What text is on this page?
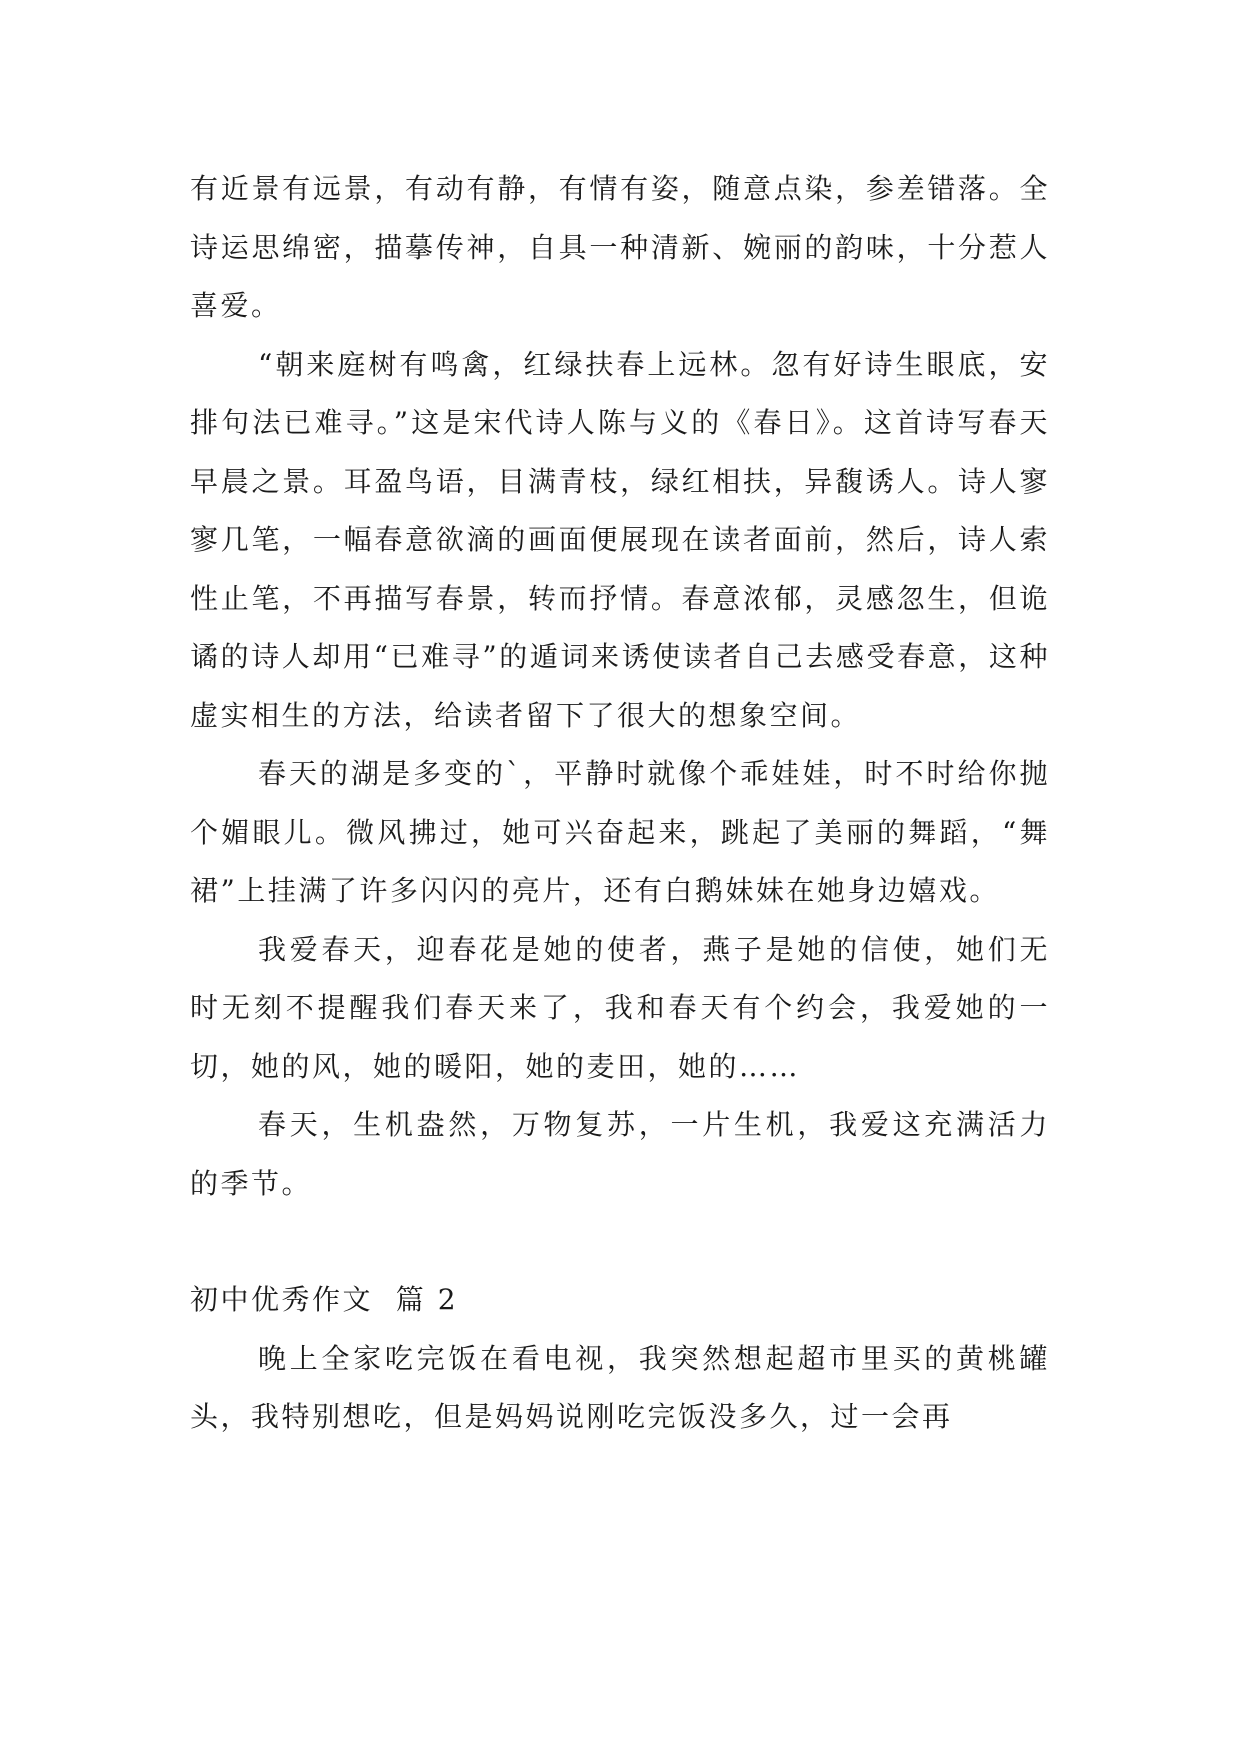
有近景有远景，有动有静，有情有姿，随意点染，参差错落。全诗运思绵密，描摹传神，自具一种清新、婉丽的韵味，十分惹人喜爱。

“朝来庭树有鸣禽，红绿扶春上远林。忽有好诗生眼底，安排句法已难寻。”这是宋代诗人陈与义的《春日》。这首诗写春天早晨之景。耳盈鸟语，目满青枝，绿红相扶，异馥诱人。诗人寥寥几笔，一幅春意欲滴的画面便展现在读者面前，然后，诗人索性止笔，不再描写春景，转而抒情。春意浓郁，灵感忽生，但诡谲的诗人却用“已难寻”的遁词来诱使读者自己去感受春意，这种虚实相生的方法，给读者留下了很大的想象空间。

春天的湖是多变的`，平静时就像个乖娃娃，时不时给你抛个媚眼儿。微风拂过，她可兴奋起来，跳起了美丽的舞蹈，“舞裙”上挂满了许多闪闪的亮片，还有白鹅妹妹在她身边嬉戏。

我爱春天，迎春花是她的使者，燕子是她的信使，她们无时无刻不提醒我们春天来了，我和春天有个约会，我爱她的一切，她的风，她的暖阳，她的麦田，她的……

春天，生机盎然，万物复苏，一片生机，我爱这充满活力的季节。

初中优秀作文  篇 2

晚上全家吃完饭在看电视，我突然想起超市里买的黄桃罐头，我特别想吃，但是妈妈说刚吃完饭没多久，过一会再
